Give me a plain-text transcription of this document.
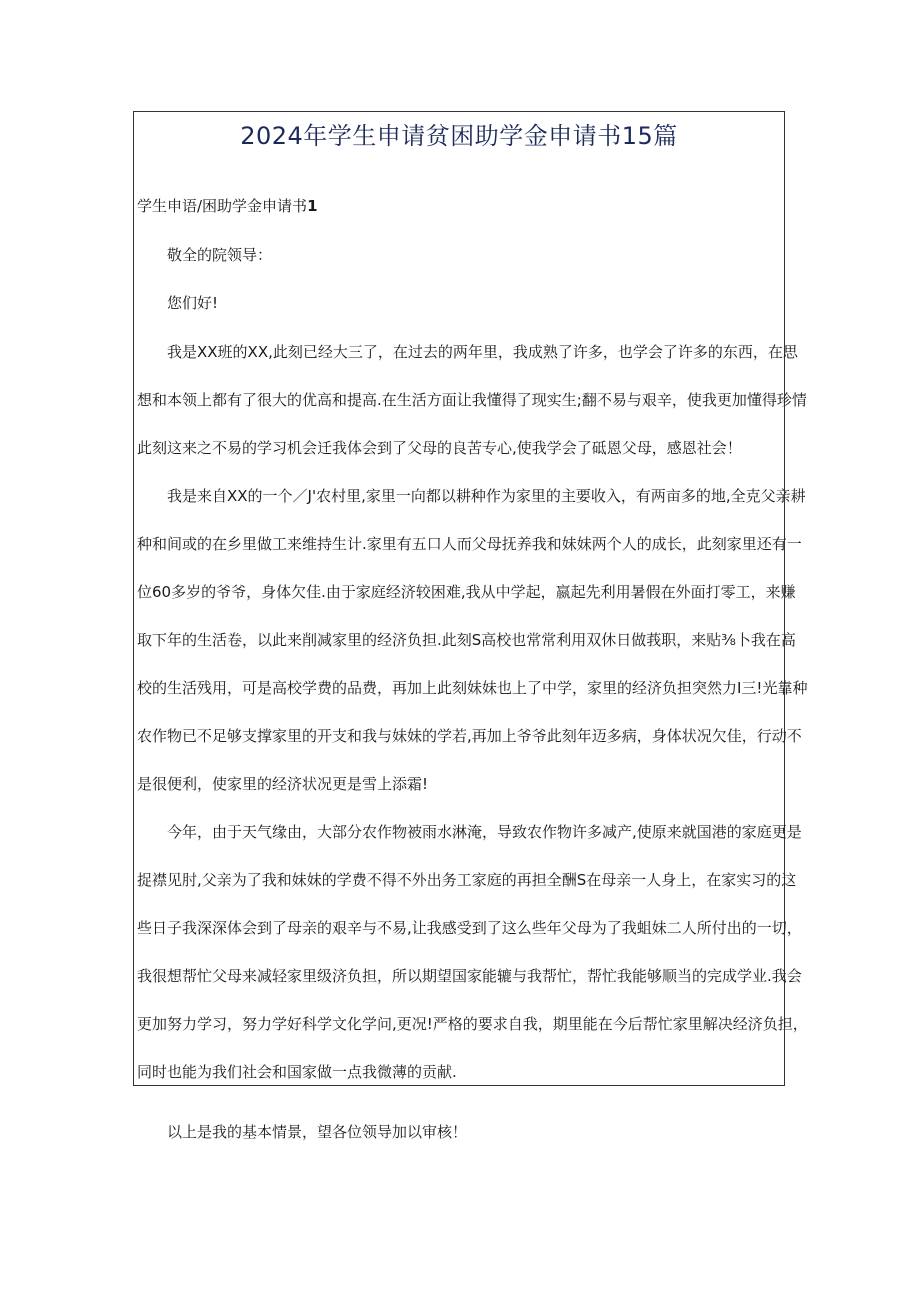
2024年学生申请贫困助学金申请书15篇

学生申语/困助学金申请书1

敬全的院领导：

您们好!

我是XX班的XX,此刻已经大三了，在过去的两年里，我成熟了许多，也学会了许多的东西，在思

想和本领上都有了很大的优高和提高.在生活方面让我懂得了现实生;翻不易与艰辛，使我更加懂得珍情

此刻这来之不易的学习机会迁我体会到了父母的良苦专心,使我学会了砥恩父母，感恩社会！

我是来自XX的一个／J'农村里,家里一向都以耕种作为家里的主要收入，有两亩多的地,全克父亲耕

种和间或的在乡里做工来维持生计.家里有五口人而父母抚养我和妹妹两个人的成长，此刻家里还有一

位60多岁的爷爷，身体欠佳.由于家庭经济较困难,我从中学起，嬴起先利用暑假在外面打零工，来赚

取下年的生活卷，以此来削减家里的经济负担.此刻S高校也常常利用双休日做莪职，来贴⅜卜我在高

校的生活残用，可是高校学费的品费，再加上此刻妹妹也上了中学，家里的经济负担突然力I三!光靠种

农作物已不足够支撑家里的开支和我与妹妹的学若,再加上爷爷此刻年迈多病，身体状况欠佳，行动不

是很便利，使家里的经济状况更是雪上添霜!

今年，由于天气缘由，大部分农作物被雨水淋淹，导致农作物许多减产,使原来就国港的家庭更是

捉襟见肘,父亲为了我和妹妹的学费不得不外出务工家庭的再担全酬S在母亲一人身上，在家实习的这

些日子我深深体会到了母亲的艰辛与不易,让我感受到了这么些年父母为了我蛆妹二人所付出的一切，

我很想帮忙父母来减轻家里级济负担，所以期望国家能辘与我帮忙，帮忙我能够顺当的完成学业.我会

更加努力学习，努力学好科学文化学问,更况!严格的要求自我，期里能在今后帮忙家里解决经济负担，

同时也能为我们社会和国家做一点我微薄的贡献.

以上是我的基本情景，望各位领导加以审核！
